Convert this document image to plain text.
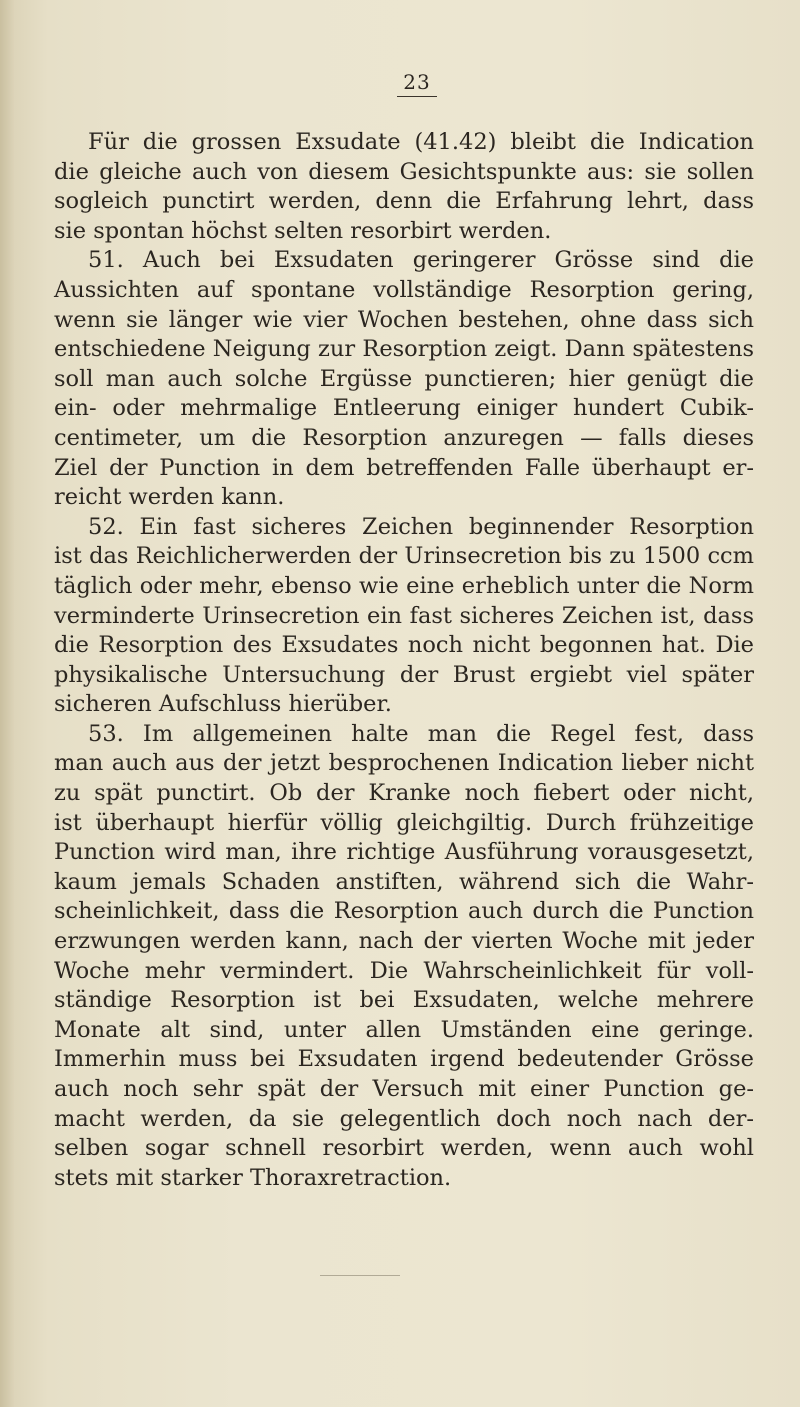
23
Für die grossen Exsudate (41.42) bleibt die Indication
die gleiche auch von diesem Gesichtspunkte aus: sie sollen
sogleich punctirt werden, denn die Erfahrung lehrt, dass
sie spontan höchst selten resorbirt werden.
51. Auch bei Exsudaten geringerer Grösse sind die
Aussichten auf spontane vollständige Resorption gering,
wenn sie länger wie vier Wochen bestehen, ohne dass sich
entschiedene Neigung zur Resorption zeigt. Dann spätestens
soll man auch solche Ergüsse punctieren; hier genügt die
ein- oder mehrmalige Entleerung einiger hundert Cubik-
centimeter, um die Resorption anzuregen — falls dieses
Ziel der Punction in dem betreffenden Falle überhaupt er-
reicht werden kann.
52. Ein fast sicheres Zeichen beginnender Resorption
ist das Reichlicherwerden der Urinsecretion bis zu 1500 ccm
täglich oder mehr, ebenso wie eine erheblich unter die Norm
verminderte Urinsecretion ein fast sicheres Zeichen ist, dass
die Resorption des Exsudates noch nicht begonnen hat. Die
physikalische Untersuchung der Brust ergiebt viel später
sicheren Aufschluss hierüber.
53. Im allgemeinen halte man die Regel fest, dass
man auch aus der jetzt besprochenen Indication lieber nicht
zu spät punctirt. Ob der Kranke noch fiebert oder nicht,
ist überhaupt hierfür völlig gleichgiltig. Durch frühzeitige
Punction wird man, ihre richtige Ausführung vorausgesetzt,
kaum jemals Schaden anstiften, während sich die Wahr-
scheinlichkeit, dass die Resorption auch durch die Punction
erzwungen werden kann, nach der vierten Woche mit jeder
Woche mehr vermindert. Die Wahrscheinlichkeit für voll-
ständige Resorption ist bei Exsudaten, welche mehrere
Monate alt sind, unter allen Umständen eine geringe.
Immerhin muss bei Exsudaten irgend bedeutender Grösse
auch noch sehr spät der Versuch mit einer Punction ge-
macht werden, da sie gelegentlich doch noch nach der-
selben sogar schnell resorbirt werden, wenn auch wohl
stets mit starker Thoraxretraction.
